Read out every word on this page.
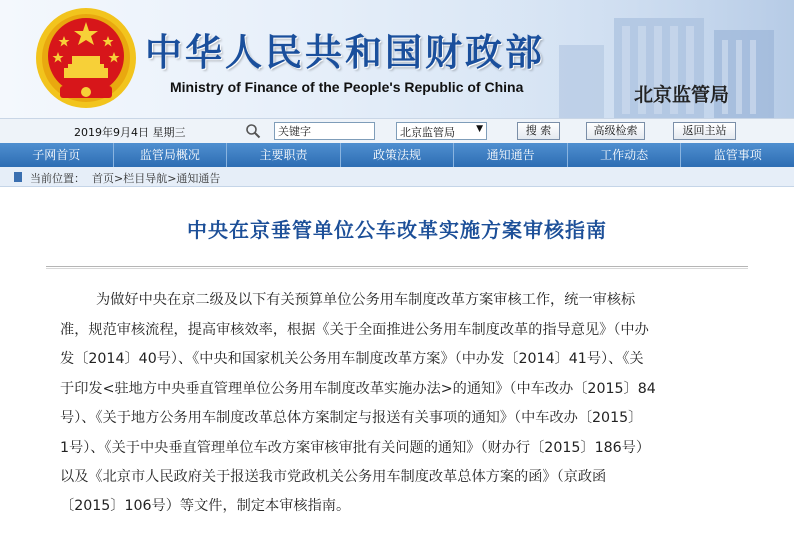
中华人民共和国财政部
Ministry of Finance of the People's Republic of China	北京监管局
2019年9月4日 星期三
关键字	北京监管局 ▼	搜 索	高级检索	返回主站
子网首页	监管局概况	主要职责	政策法规	通知通告	工作动态	监管事项
当前位置： 首页>栏目导航>通知通告
中央在京垂管单位公车改革实施方案审核指南
为做好中央在京二级及以下有关预算单位公务用车制度改革方案审核工作，统一审核标
准，规范审核流程，提高审核效率，根据《关于全面推进公务用车制度改革的指导意见》（中办
发〔2014〕40号）、《中央和国家机关公务用车制度改革方案》（中办发〔2014〕41号）、《关
于印发<驻地方中央垂直管理单位公务用车制度改革实施办法>的通知》（中车改办〔2015〕84
号）、《关于地方公务用车制度改革总体方案制定与报送有关事项的通知》（中车改办〔2015〕
1号）、《关于中央垂直管理单位车改方案审核审批有关问题的通知》（财办行〔2015〕186号）
以及《北京市人民政府关于报送我市党政机关公务用车制度改革总体方案的函》（京政函
〔2015〕106号）等文件，制定本审核指南。
